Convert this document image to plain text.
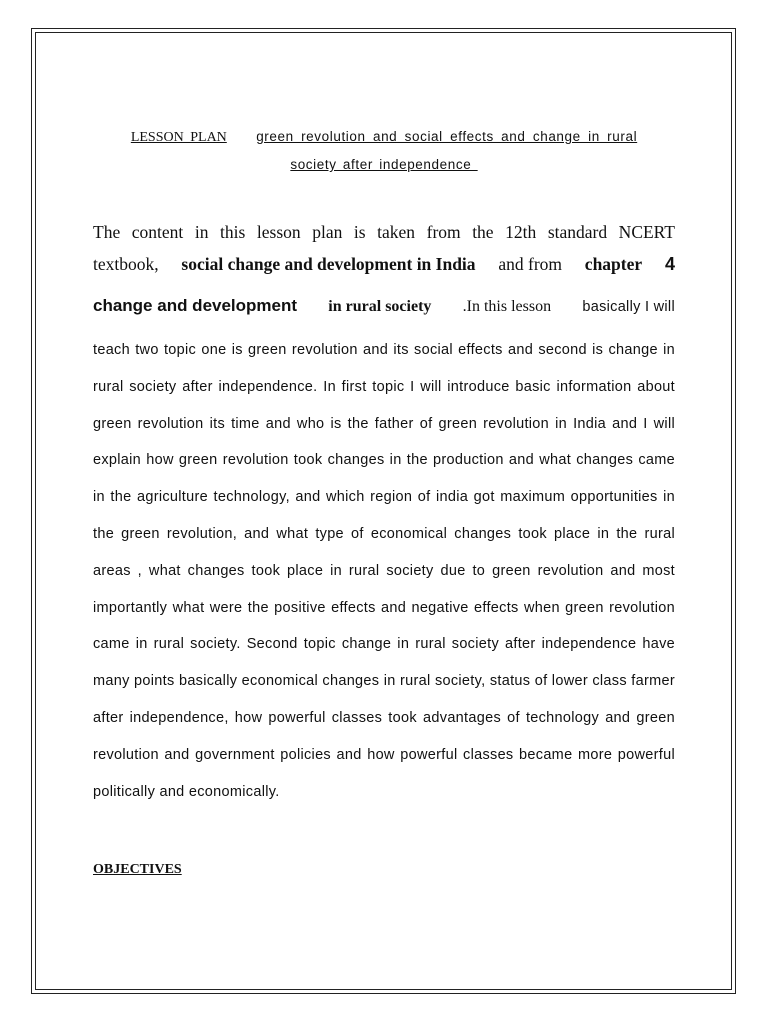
LESSON PLAN green revolution and social effects and change in rural
society after independence

The content in this lesson plan is taken from the 12th standard NCERT

textbook, social change and development in India and from chapter 4

change and development in rural society .In this lesson basically I will

teach two topic one is green revolution and its social effects and second is change in rural society after independence. In first topic I will introduce basic information about green revolution its time and who is the father of green revolution in India and I will explain how green revolution took changes in the production and what changes came in the agriculture technology, and which region of india got maximum opportunities in the green revolution, and what type of economical changes took place in the rural areas , what changes took place in rural society due to green revolution and most importantly what were the positive effects and negative effects when green revolution came in rural society. Second topic change in rural society after independence have many points basically economical changes in rural society, status of lower class farmer after independence, how powerful classes took advantages of technology and green revolution and government policies and how powerful classes became more powerful politically and economically.

OBJECTIVES
